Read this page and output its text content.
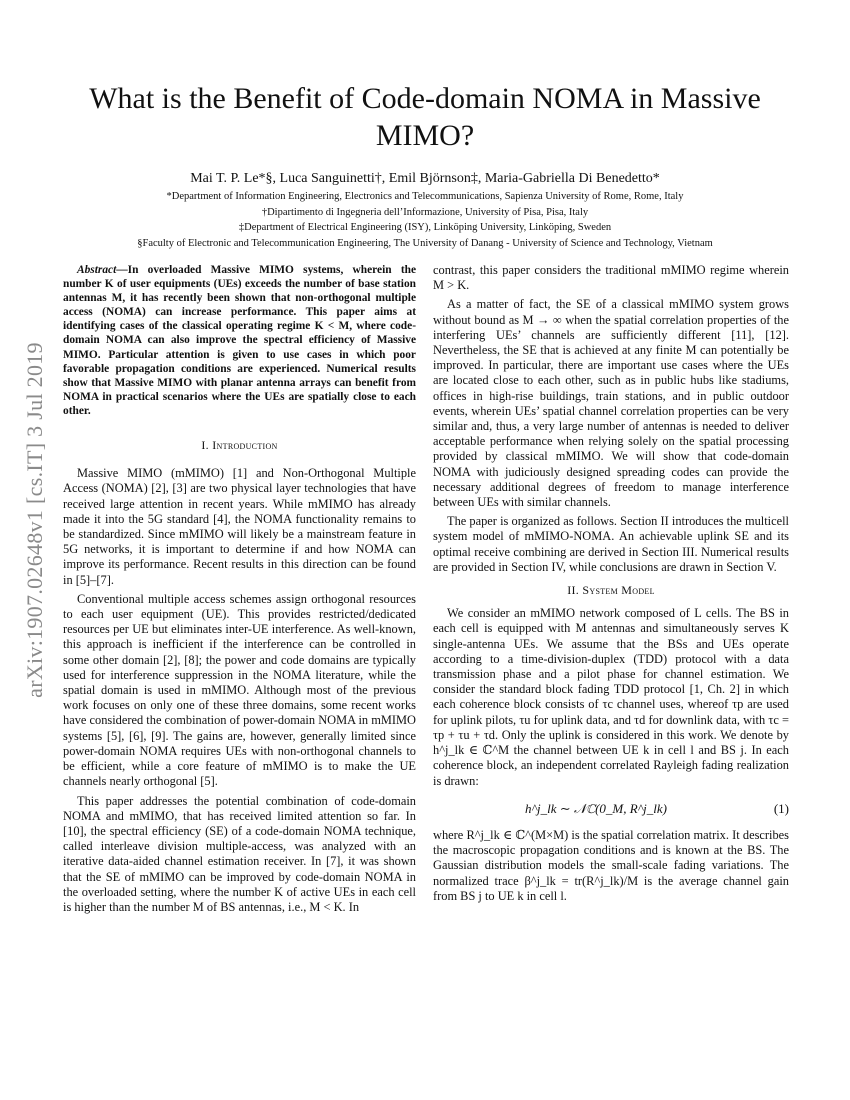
arXiv:1907.02648v1 [cs.IT] 3 Jul 2019
What is the Benefit of Code-domain NOMA in Massive MIMO?
Mai T. P. Le*§, Luca Sanguinetti†, Emil Björnson‡, Maria-Gabriella Di Benedetto*
*Department of Information Engineering, Electronics and Telecommunications, Sapienza University of Rome, Rome, Italy
†Dipartimento di Ingegneria dell’Informazione, University of Pisa, Pisa, Italy
‡Department of Electrical Engineering (ISY), Linköping University, Linköping, Sweden
§Faculty of Electronic and Telecommunication Engineering, The University of Danang - University of Science and Technology, Vietnam

Abstract—In overloaded Massive MIMO systems, wherein the number K of user equipments (UEs) exceeds the number of base station antennas M, it has recently been shown that non-orthogonal multiple access (NOMA) can increase performance. This paper aims at identifying cases of the classical operating regime K < M, where code-domain NOMA can also improve the spectral efficiency of Massive MIMO. Particular attention is given to use cases in which poor favorable propagation conditions are experienced. Numerical results show that Massive MIMO with planar antenna arrays can benefit from NOMA in practical scenarios where the UEs are spatially close to each other.

I. Introduction

Massive MIMO (mMIMO) [1] and Non-Orthogonal Multiple Access (NOMA) [2], [3] are two physical layer technologies that have received large attention in recent years. While mMIMO has already made it into the 5G standard [4], the NOMA functionality remains to be standardized. Since mMIMO will likely be a mainstream feature in 5G networks, it is important to determine if and how NOMA can improve its performance. Recent results in this direction can be found in [5]–[7].

Conventional multiple access schemes assign orthogonal resources to each user equipment (UE). This provides restricted/dedicated resources per UE but eliminates inter-UE interference. As well-known, this approach is inefficient if the interference can be controlled in some other domain [2], [8]; the power and code domains are typically used for interference suppression in the NOMA literature, while the spatial domain is used in mMIMO. Although most of the previous work focuses on only one of these three domains, some recent works have considered the combination of power-domain NOMA in mMIMO systems [5], [6], [9]. The gains are, however, generally limited since power-domain NOMA requires UEs with non-orthogonal channels to be efficient, while a core feature of mMIMO is to make the UE channels nearly orthogonal [5].

This paper addresses the potential combination of code-domain NOMA and mMIMO, that has received limited attention so far. In [10], the spectral efficiency (SE) of a code-domain NOMA technique, called interleave division multiple-access, was analyzed with an iterative data-aided channel estimation receiver. In [7], it was shown that the SE of mMIMO can be improved by code-domain NOMA in the overloaded setting, where the number K of active UEs in each cell is higher than the number M of BS antennas, i.e., M < K. In

contrast, this paper considers the traditional mMIMO regime wherein M > K.

As a matter of fact, the SE of a classical mMIMO system grows without bound as M → ∞ when the spatial correlation properties of the interfering UEs’ channels are sufficiently different [11], [12]. Nevertheless, the SE that is achieved at any finite M can potentially be improved. In particular, there are important use cases where the UEs are located close to each other, such as in public hubs like stadiums, offices in high-rise buildings, train stations, and in public outdoor events, wherein UEs’ spatial channel correlation properties can be very similar and, thus, a very large number of antennas is needed to deliver acceptable performance when relying solely on the spatial processing provided by classical mMIMO. We will show that code-domain NOMA with judiciously designed spreading codes can provide the necessary additional degrees of freedom to manage interference between UEs with similar channels.

The paper is organized as follows. Section II introduces the multicell system model of mMIMO-NOMA. An achievable uplink SE and its optimal receive combining are derived in Section III. Numerical results are provided in Section IV, while conclusions are drawn in Section V.

II. System Model

We consider an mMIMO network composed of L cells. The BS in each cell is equipped with M antennas and simultaneously serves K single-antenna UEs. We assume that the BSs and UEs operate according to a time-division-duplex (TDD) protocol with a data transmission phase and a pilot phase for channel estimation. We consider the standard block fading TDD protocol [1, Ch. 2] in which each coherence block consists of τc channel uses, whereof τp are used for uplink pilots, τu for uplink data, and τd for downlink data, with τc = τp + τu + τd. Only the uplink is considered in this work. We denote by h^j_lk ∈ ℂ^M the channel between UE k in cell l and BS j. In each coherence block, an independent correlated Rayleigh fading realization is drawn:

h^j_lk ∼ 𝒩ℂ(0_M, R^j_lk)	(1)

where R^j_lk ∈ ℂ^(M×M) is the spatial correlation matrix. It describes the macroscopic propagation conditions and is known at the BS. The Gaussian distribution models the small-scale fading variations. The normalized trace β^j_lk = tr(R^j_lk)/M is the average channel gain from BS j to UE k in cell l.
